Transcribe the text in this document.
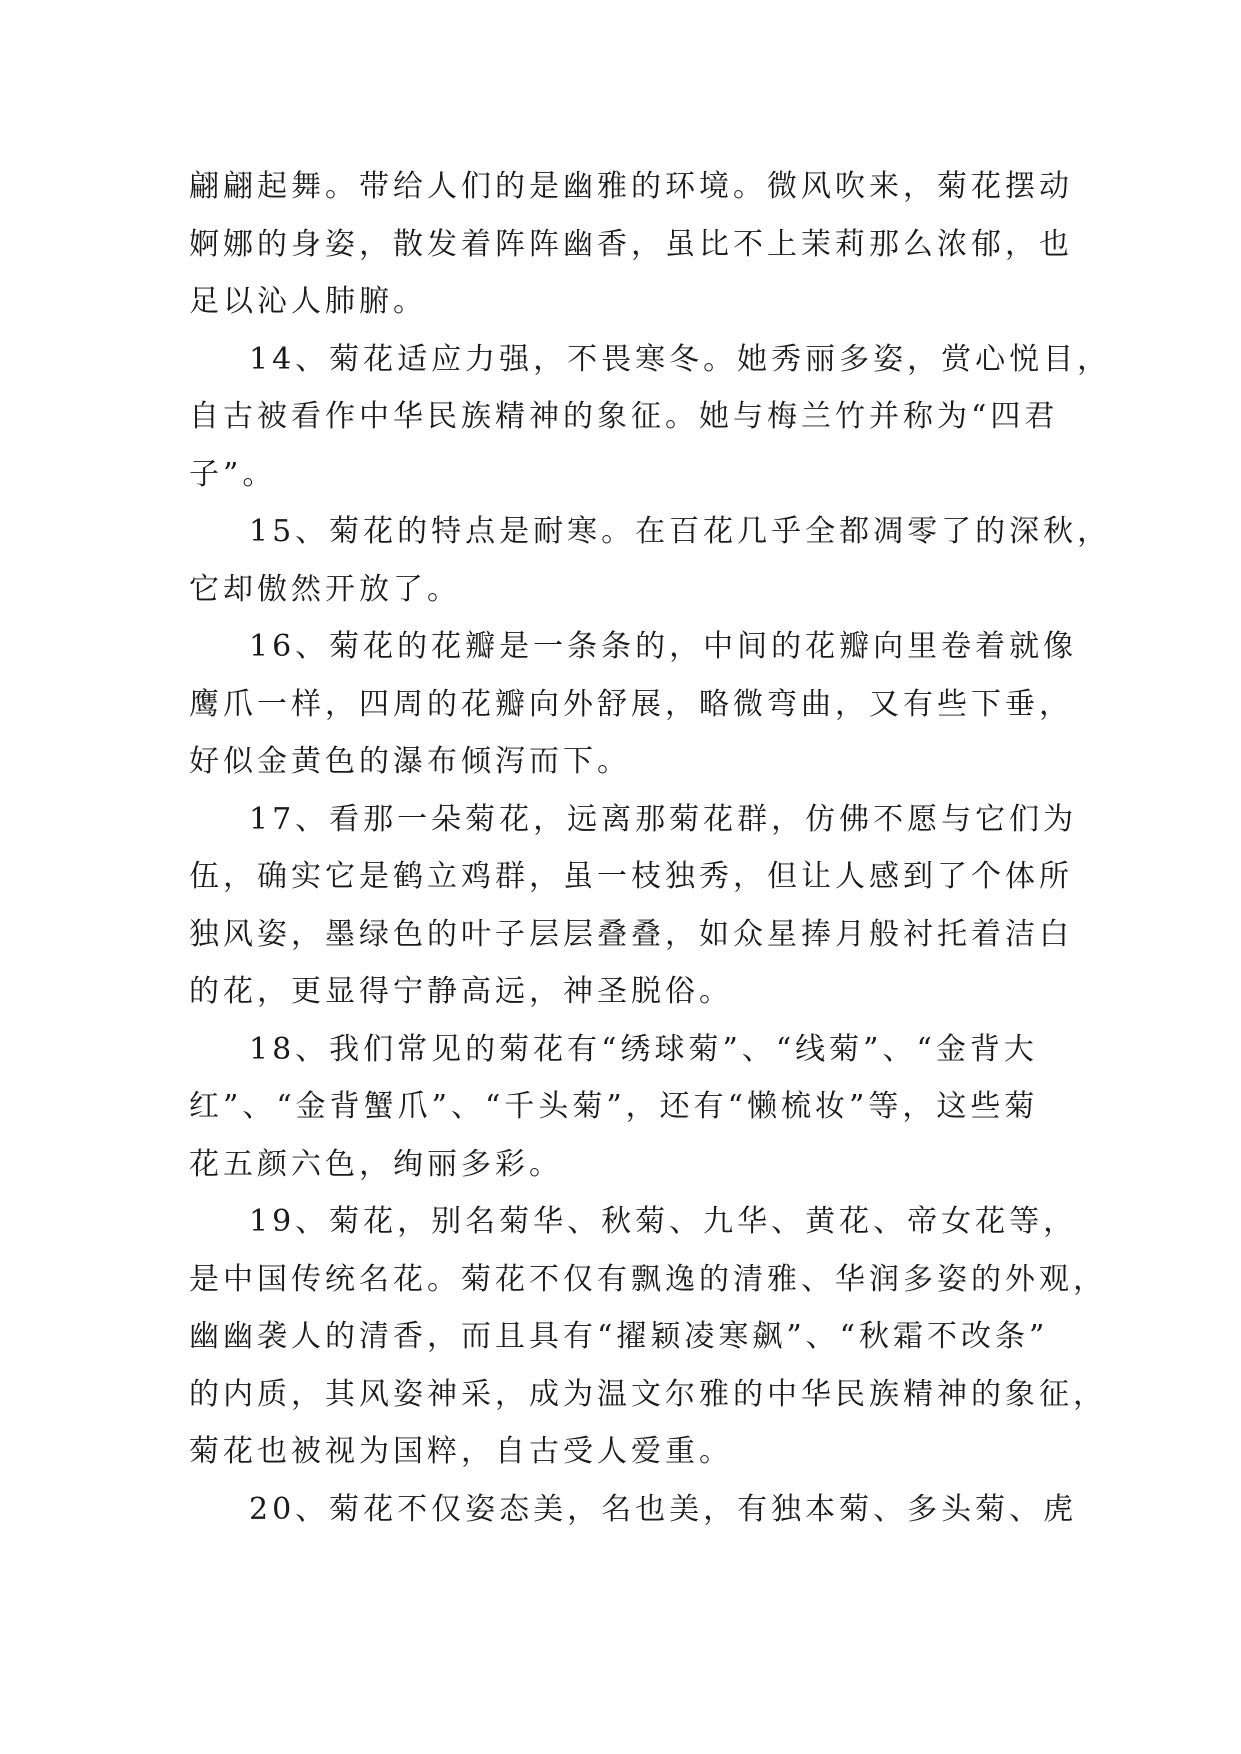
翩翩起舞。带给人们的是幽雅的环境。微风吹来，菊花摆动
婀娜的身姿，散发着阵阵幽香，虽比不上茉莉那么浓郁，也
足以沁人肺腑。
14、菊花适应力强，不畏寒冬。她秀丽多姿，赏心悦目，
自古被看作中华民族精神的象征。她与梅兰竹并称为“四君
子”。
15、菊花的特点是耐寒。在百花几乎全都凋零了的深秋，
它却傲然开放了。
16、菊花的花瓣是一条条的，中间的花瓣向里卷着就像
鹰爪一样，四周的花瓣向外舒展，略微弯曲，又有些下垂，
好似金黄色的瀑布倾泻而下。
17、看那一朵菊花，远离那菊花群，仿佛不愿与它们为
伍，确实它是鹤立鸡群，虽一枝独秀，但让人感到了个体所
独风姿，墨绿色的叶子层层叠叠，如众星捧月般衬托着洁白
的花，更显得宁静高远，神圣脱俗。
18、我们常见的菊花有“绣球菊”、“线菊”、“金背大
红”、“金背蟹爪”、“千头菊”，还有“懒梳妆”等，这些菊
花五颜六色，绚丽多彩。
19、菊花，别名菊华、秋菊、九华、黄花、帝女花等，
是中国传统名花。菊花不仅有飘逸的清雅、华润多姿的外观，
幽幽袭人的清香，而且具有“擢颖凌寒飙”、“秋霜不改条”
的内质，其风姿神采，成为温文尔雅的中华民族精神的象征，
菊花也被视为国粹，自古受人爱重。
20、菊花不仅姿态美，名也美，有独本菊、多头菊、虎
